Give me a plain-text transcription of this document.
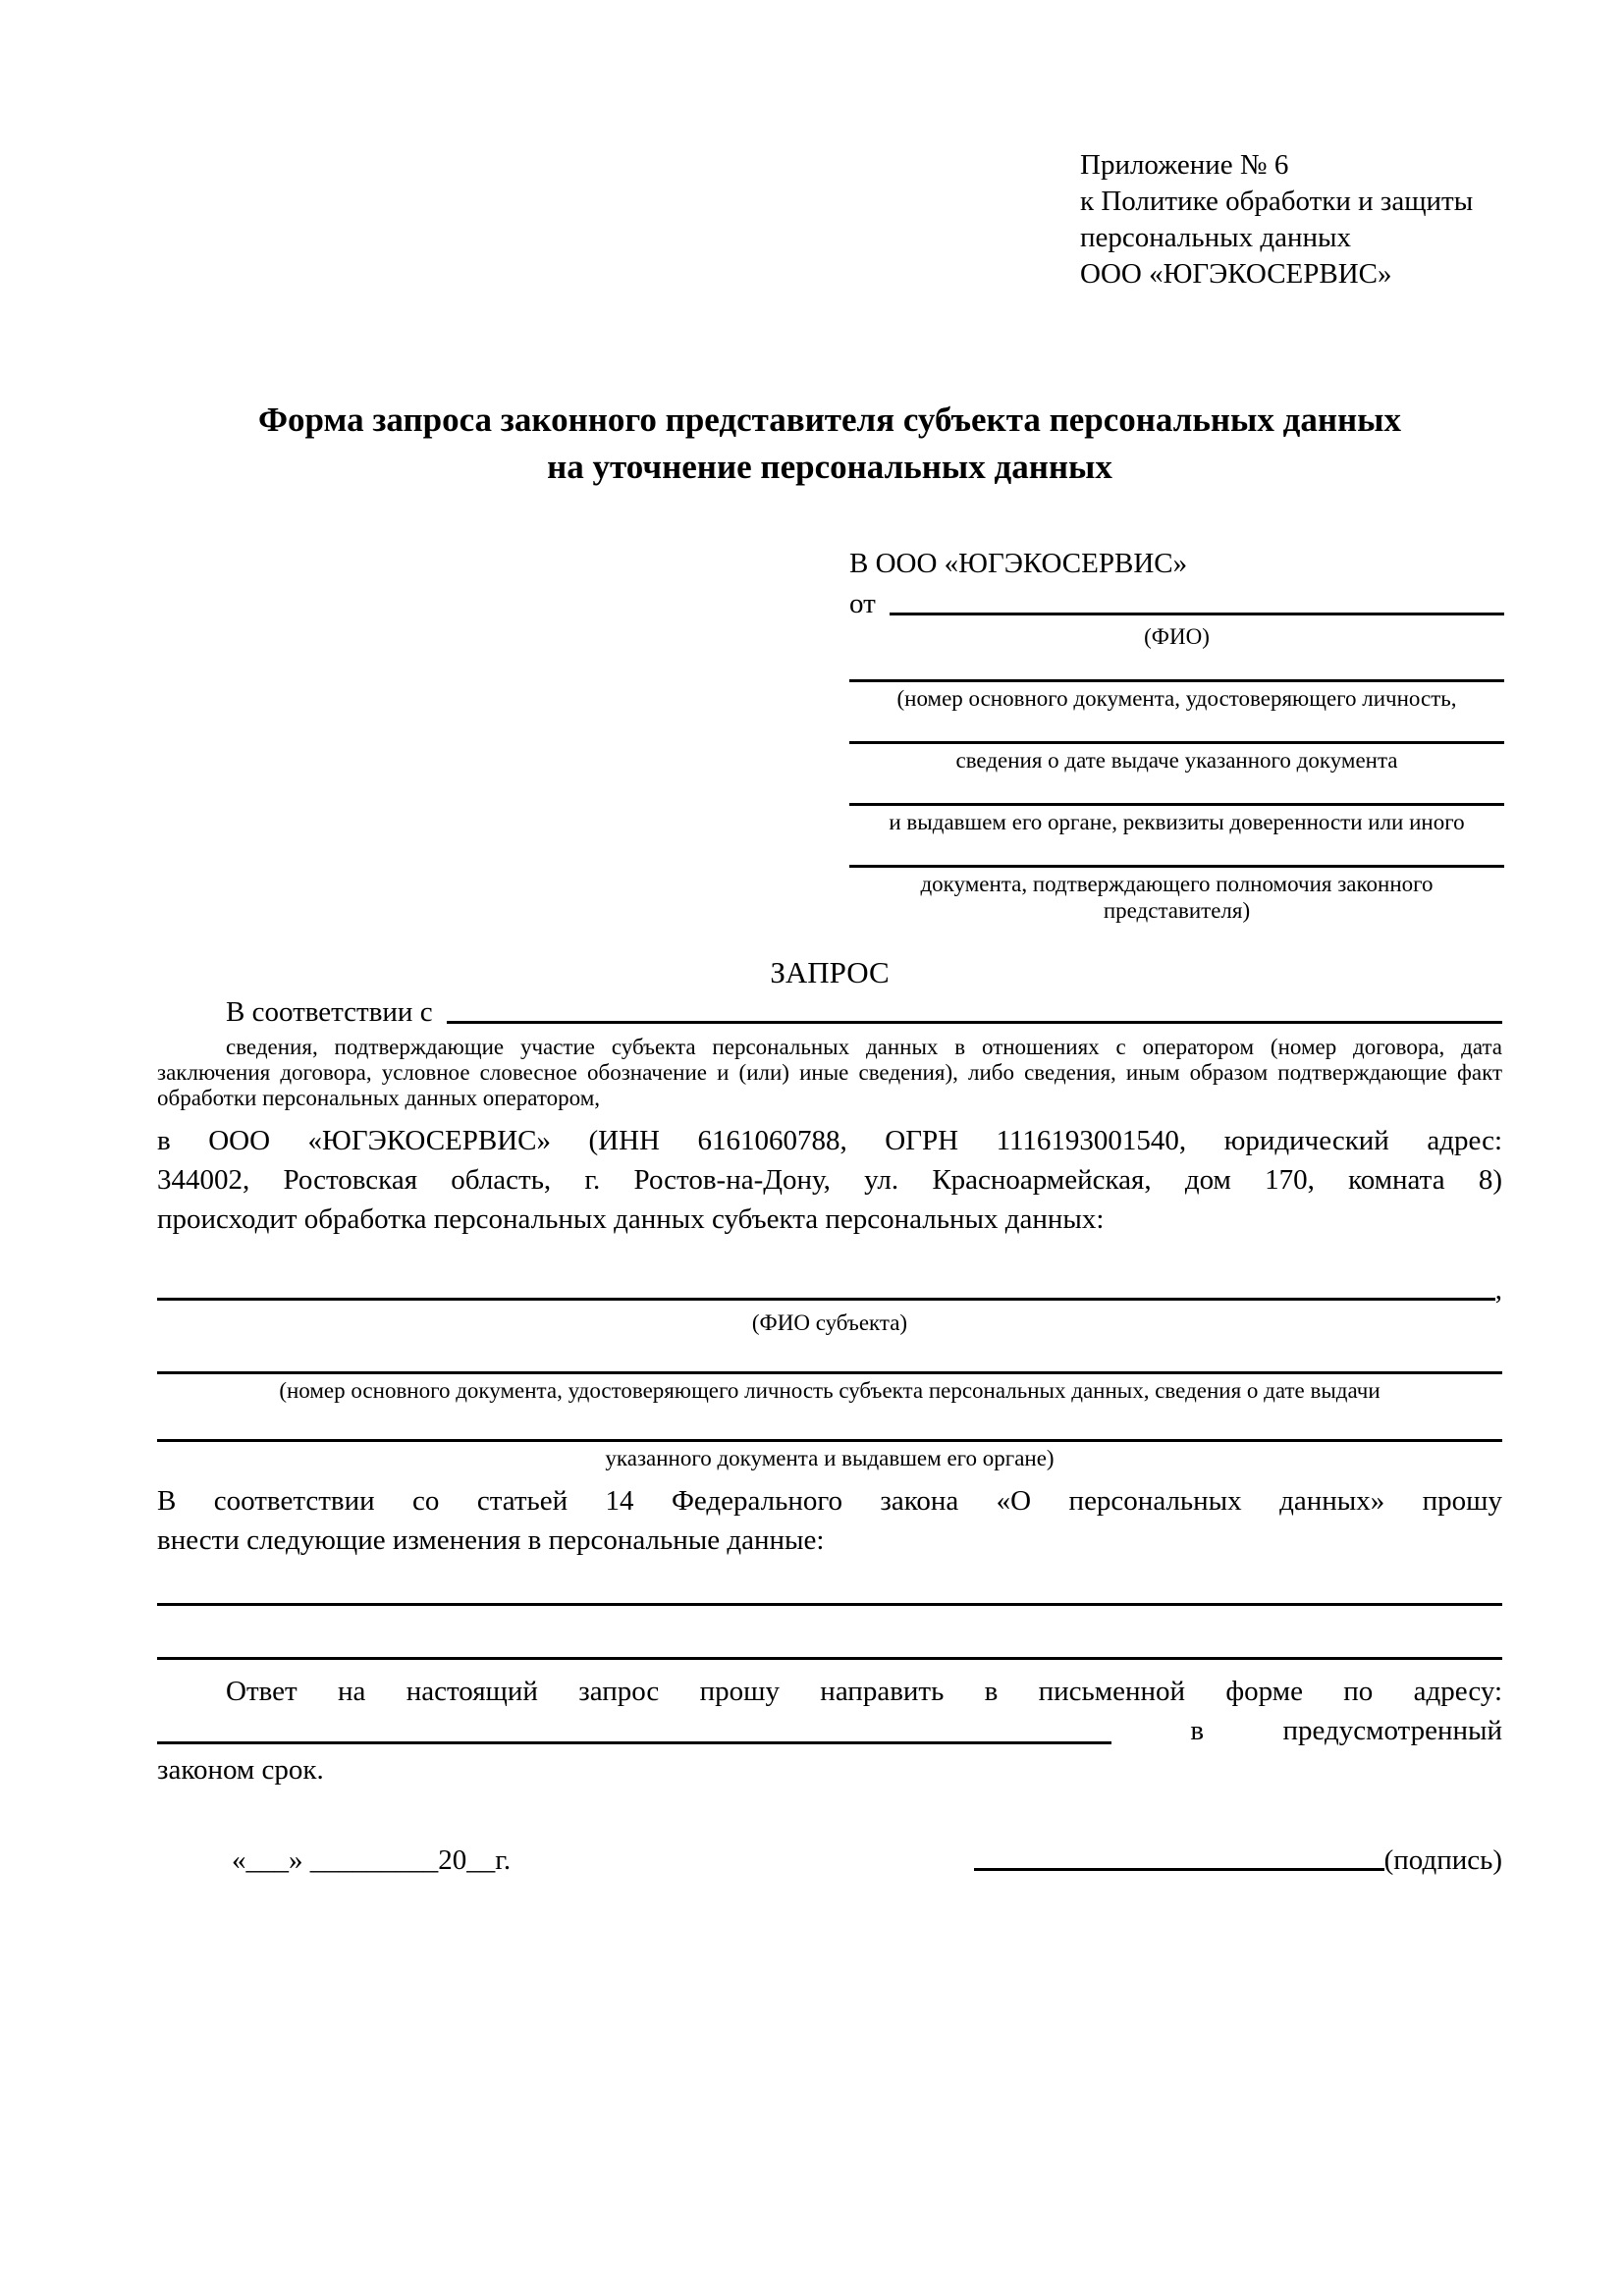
Приложение № 6
к Политике обработки и защиты
персональных данных
ООО «ЮГЭКОСЕРВИС»
Форма запроса законного представителя субъекта персональных данных
на уточнение персональных данных
В ООО «ЮГЭКОСЕРВИС»
от
(ФИО)
(номер основного документа, удостоверяющего личность,
сведения о дате выдаче указанного документа
и выдавшем его органе, реквизиты доверенности или иного
документа, подтверждающего полномочия законного представителя)
ЗАПРОС
В соответствии с
сведения, подтверждающие участие субъекта персональных данных в отношениях с оператором (номер договора, дата
заключения договора, условное словесное обозначение и (или) иные сведения), либо сведения, иным образом подтверждающие факт
обработки персональных данных оператором,
в ООО «ЮГЭКОСЕРВИС» (ИНН 6161060788, ОГРН 1116193001540, юридический адрес:
344002, Ростовская область, г. Ростов-на-Дону, ул. Красноармейская, дом 170, комната 8)
происходит обработка персональных данных субъекта персональных данных:
,
(ФИО субъекта)
(номер основного документа, удостоверяющего личность субъекта персональных данных, сведения о дате выдачи
указанного документа и выдавшем его органе)
В соответствии со статьей 14 Федерального закона «О персональных данных» прошу
внести следующие изменения в персональные данные:
Ответ на настоящий запрос прошу направить в письменной форме по адресу:
в	предусмотренный
законом срок.
«___» _________20__г.	(подпись)
